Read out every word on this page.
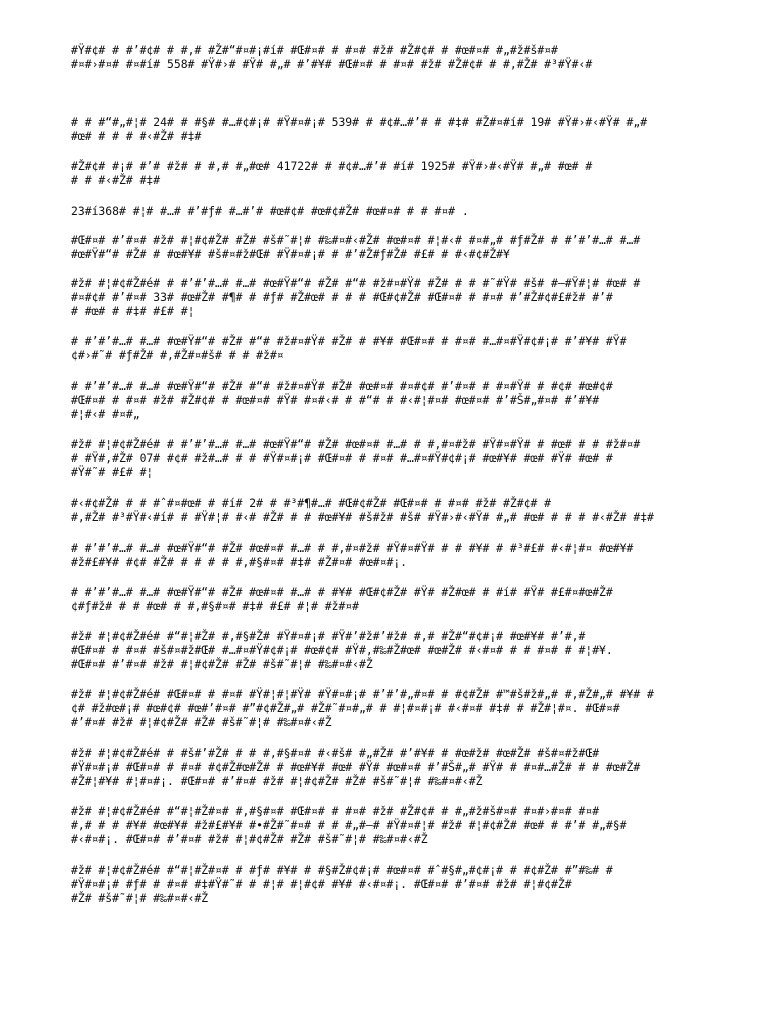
#Ÿ#¢# # #’#¢# # #‚# #Ž#“#¤#¡#í# #Œ#¤# # #¤# #ž# #Ž#¢# # #œ#¤# #„#ž#š#¤#
#¤#›#¤# #¤#í# 558# #Ÿ#›# #Ÿ# #„# #’#¥# #Œ#¤# # #¤# #ž# #Ž#¢# # #‚#Ž# #³#Ÿ#‹#

# # #“#„#¦# 24# # #§# #…#¢#¡# #Ÿ#¤#¡# 539# # #¢#…#’# # #‡# #Ž#¤#í# 19# #Ÿ#›#‹#Ÿ# #„#
#œ# # # # #‹#Ž# #‡#

#Ž#¢# #¡# #’# #ž# # #‚# #„#œ# 41722# # #¢#…#’# #í# 1925# #Ÿ#›#‹#Ÿ# #„# #œ# #
# # #‹#Ž# #‡#

23#í368# #¦# #…# #’#ƒ# #…#’# #œ#¢# #œ#¢#Ž# #œ#¤# # # #¤# .

#Œ#¤# #’#¤# #ž# #¦#¢#Ž# #Ž# #š#˜#¦# #‰#¤#‹#Ž# #œ#¤# #¦#‹# #¤#„# #ƒ#Ž# # #’#’#…# #…#
#œ#Ÿ#“# #Ž# # #œ#¥# #š#¤#ž#Œ# #Ÿ#¤#¡# # #’#Ž#ƒ#Ž# #£# # #‹#¢#Ž#¥

#ž# #¦#¢#Ž#é# # #’#’#…# #…# #œ#Ÿ#“# #Ž# #“# #ž#¤#Ÿ# #Ž# # # #˜#Ÿ# #š# #–#Ÿ#¦# #œ# #
#¤#¢# #’#¤# 33# #œ#Ž# #¶# # #ƒ# #Ž#œ# # # # #Œ#¢#Ž# #Œ#¤# # #¤# #’#Ž#¢#£#ž# #’#
# #œ# # #‡# #£# #¦

# #’#’#…# #…# #œ#Ÿ#“# #Ž# #“# #ž#¤#Ÿ# #Ž# # #¥# #Œ#¤# # #¤# #…#¤#Ÿ#¢#¡# #’#¥# #Ÿ#
¢#›#˜# #ƒ#Ž# #‚#Ž#¤#š# # # #ž#¤

# #’#’#…# #…# #œ#Ÿ#“# #Ž# #“# #ž#¤#Ÿ# #Ž# #œ#¤# #¤#¢# #’#¤# # #¤#Ÿ# # #¢# #œ#¢#
#Œ#¤# # #¤# #ž# #Ž#¢# # #œ#¤# #Ÿ# #¤#‹# # #“# # #‹#¦#¤# #œ#¤# #’#Š#„#¤# #’#¥#
#¦#‹# #¤#„

#ž# #¦#¢#Ž#é# # #’#’#…# #…# #œ#Ÿ#“# #Ž# #œ#¤# #…# # #‚#¤#ž# #Ÿ#¤#Ÿ# # #œ# # # #ž#¤#
# #Ÿ#‚#Ž# 07# #¢# #ž#…# # # #Ÿ#¤#¡# #Œ#¤# # #¤# #…#¤#Ÿ#¢#¡# #œ#¥# #œ# #Ÿ# #œ# #
#Ÿ#˜# #£# #¦

#‹#¢#Ž# # # #ˆ#¤#œ# # #í# 2# # #³#¶#…# #Œ#¢#Ž# #Œ#¤# # #¤# #ž# #Ž#¢# #
#‚#Ž# #³#Ÿ#‹#í# # #Ÿ#¦# #‹# #Ž# # # #œ#¥# #š#ž# #š# #Ÿ#›#‹#Ÿ# #„# #œ# # # # #‹#Ž# #‡#

# #’#’#…# #…# #œ#Ÿ#“# #Ž# #œ#¤# #…# # #‚#¤#ž# #Ÿ#¤#Ÿ# # # #¥# # #³#£# #‹#¦#¤ #œ#¥#
#ž#£#¥# #¢# #Ž# # # # # #‚#§#¤# #‡# #Ž#¤# #œ#¤#¡.

# #’#’#…# #…# #œ#Ÿ#“# #Ž# #œ#¤# #…# # #¥# #Œ#¢#Ž# #Ÿ# #Ž#œ# # #í# #Ÿ# #£#¤#œ#Ž#
¢#ƒ#ž# # # #œ# # #‚#§#¤# #‡# #£# #¦# #ž#¤#

#ž# #¦#¢#Ž#é# #“#¦#Ž# #‚#§#Ž# #Ÿ#¤#¡# #Ÿ#’#ž#’#ž# #‚# #Ž#“#¢#¡# #œ#¥# #’#‚#
#Œ#¤# # #¤# #š#¤#ž#Œ# #…#¤#Ÿ#¢#¡# #œ#¢# #Ÿ#‚#‰#Ž#œ# #œ#Ž# #‹#¤# # # #¤# # #¦#¥.
#Œ#¤# #’#¤# #ž# #¦#¢#Ž# #Ž# #š#˜#¦# #‰#¤#‹#Ž

#ž# #¦#¢#Ž#é# #Œ#¤# # #¤# #Ÿ#¦#¦#Ÿ# #Ÿ#¤#¡# #’#’#„#¤# # #¢#Ž# #™#š#ž#„# #‚#Ž#„# #¥# #
¢# #ž#œ#¡# #œ#¢# #œ#’#¤# #”#¢#Ž#„# #Ž#˜#¤#„# # #¦#¤#¡# #‹#¤# #‡# # #Ž#¦#¤. #Œ#¤#
#’#¤# #ž# #¦#¢#Ž# #Ž# #š#˜#¦# #‰#¤#‹#Ž

#ž# #¦#¢#Ž#é# # #š#’#Ž# # # #‚#§#¤# #‹#š# #„#Ž# #’#¥# # #œ#ž# #œ#Ž# #š#¤#ž#Œ#
#Ÿ#¤#¡# #Œ#¤# # #¤# #¢#Ž#œ#Ž# # #œ#¥# #œ# #Ÿ# #œ#¤# #’#Š#„# #Ÿ# # #¤#…#Ž# # # #œ#Ž#
#Ž#¦#¥# #¦#¤#¡. #Œ#¤# #’#¤# #ž# #¦#¢#Ž# #Ž# #š#˜#¦# #‰#¤#‹#Ž

#ž# #¦#¢#Ž#é# #“#¦#Ž#¤# #‚#§#¤# #Œ#¤# # #¤# #ž# #Ž#¢# # #„#ž#š#¤# #¤#›#¤# #¤#
#‚# # # #¥# #œ#¥# #ž#£#¥# #•#Ž#˜#¤# # # #„#—# #Ÿ#¤#¦# #ž# #¦#¢#Ž# #œ# # #’# #„#§#
#‹#¤#¡. #Œ#¤# #’#¤# #ž# #¦#¢#Ž# #Ž# #š#˜#¦# #‰#¤#‹#Ž

#ž# #¦#¢#Ž#é# #“#¦#Ž#¤# # #ƒ# #¥# # #§#Ž#¢#¡# #œ#¤# #ˆ#§#„#¢#¡# # #¢#Ž# #”#‰# #
#Ÿ#¤#¡# #ƒ# # #¤# #‡#Ÿ#˜# # #¦# #¦#¢# #¥# #‹#¤#¡. #Œ#¤# #’#¤# #ž# #¦#¢#Ž#
#Ž# #š#˜#¦# #‰#¤#‹#Ž
